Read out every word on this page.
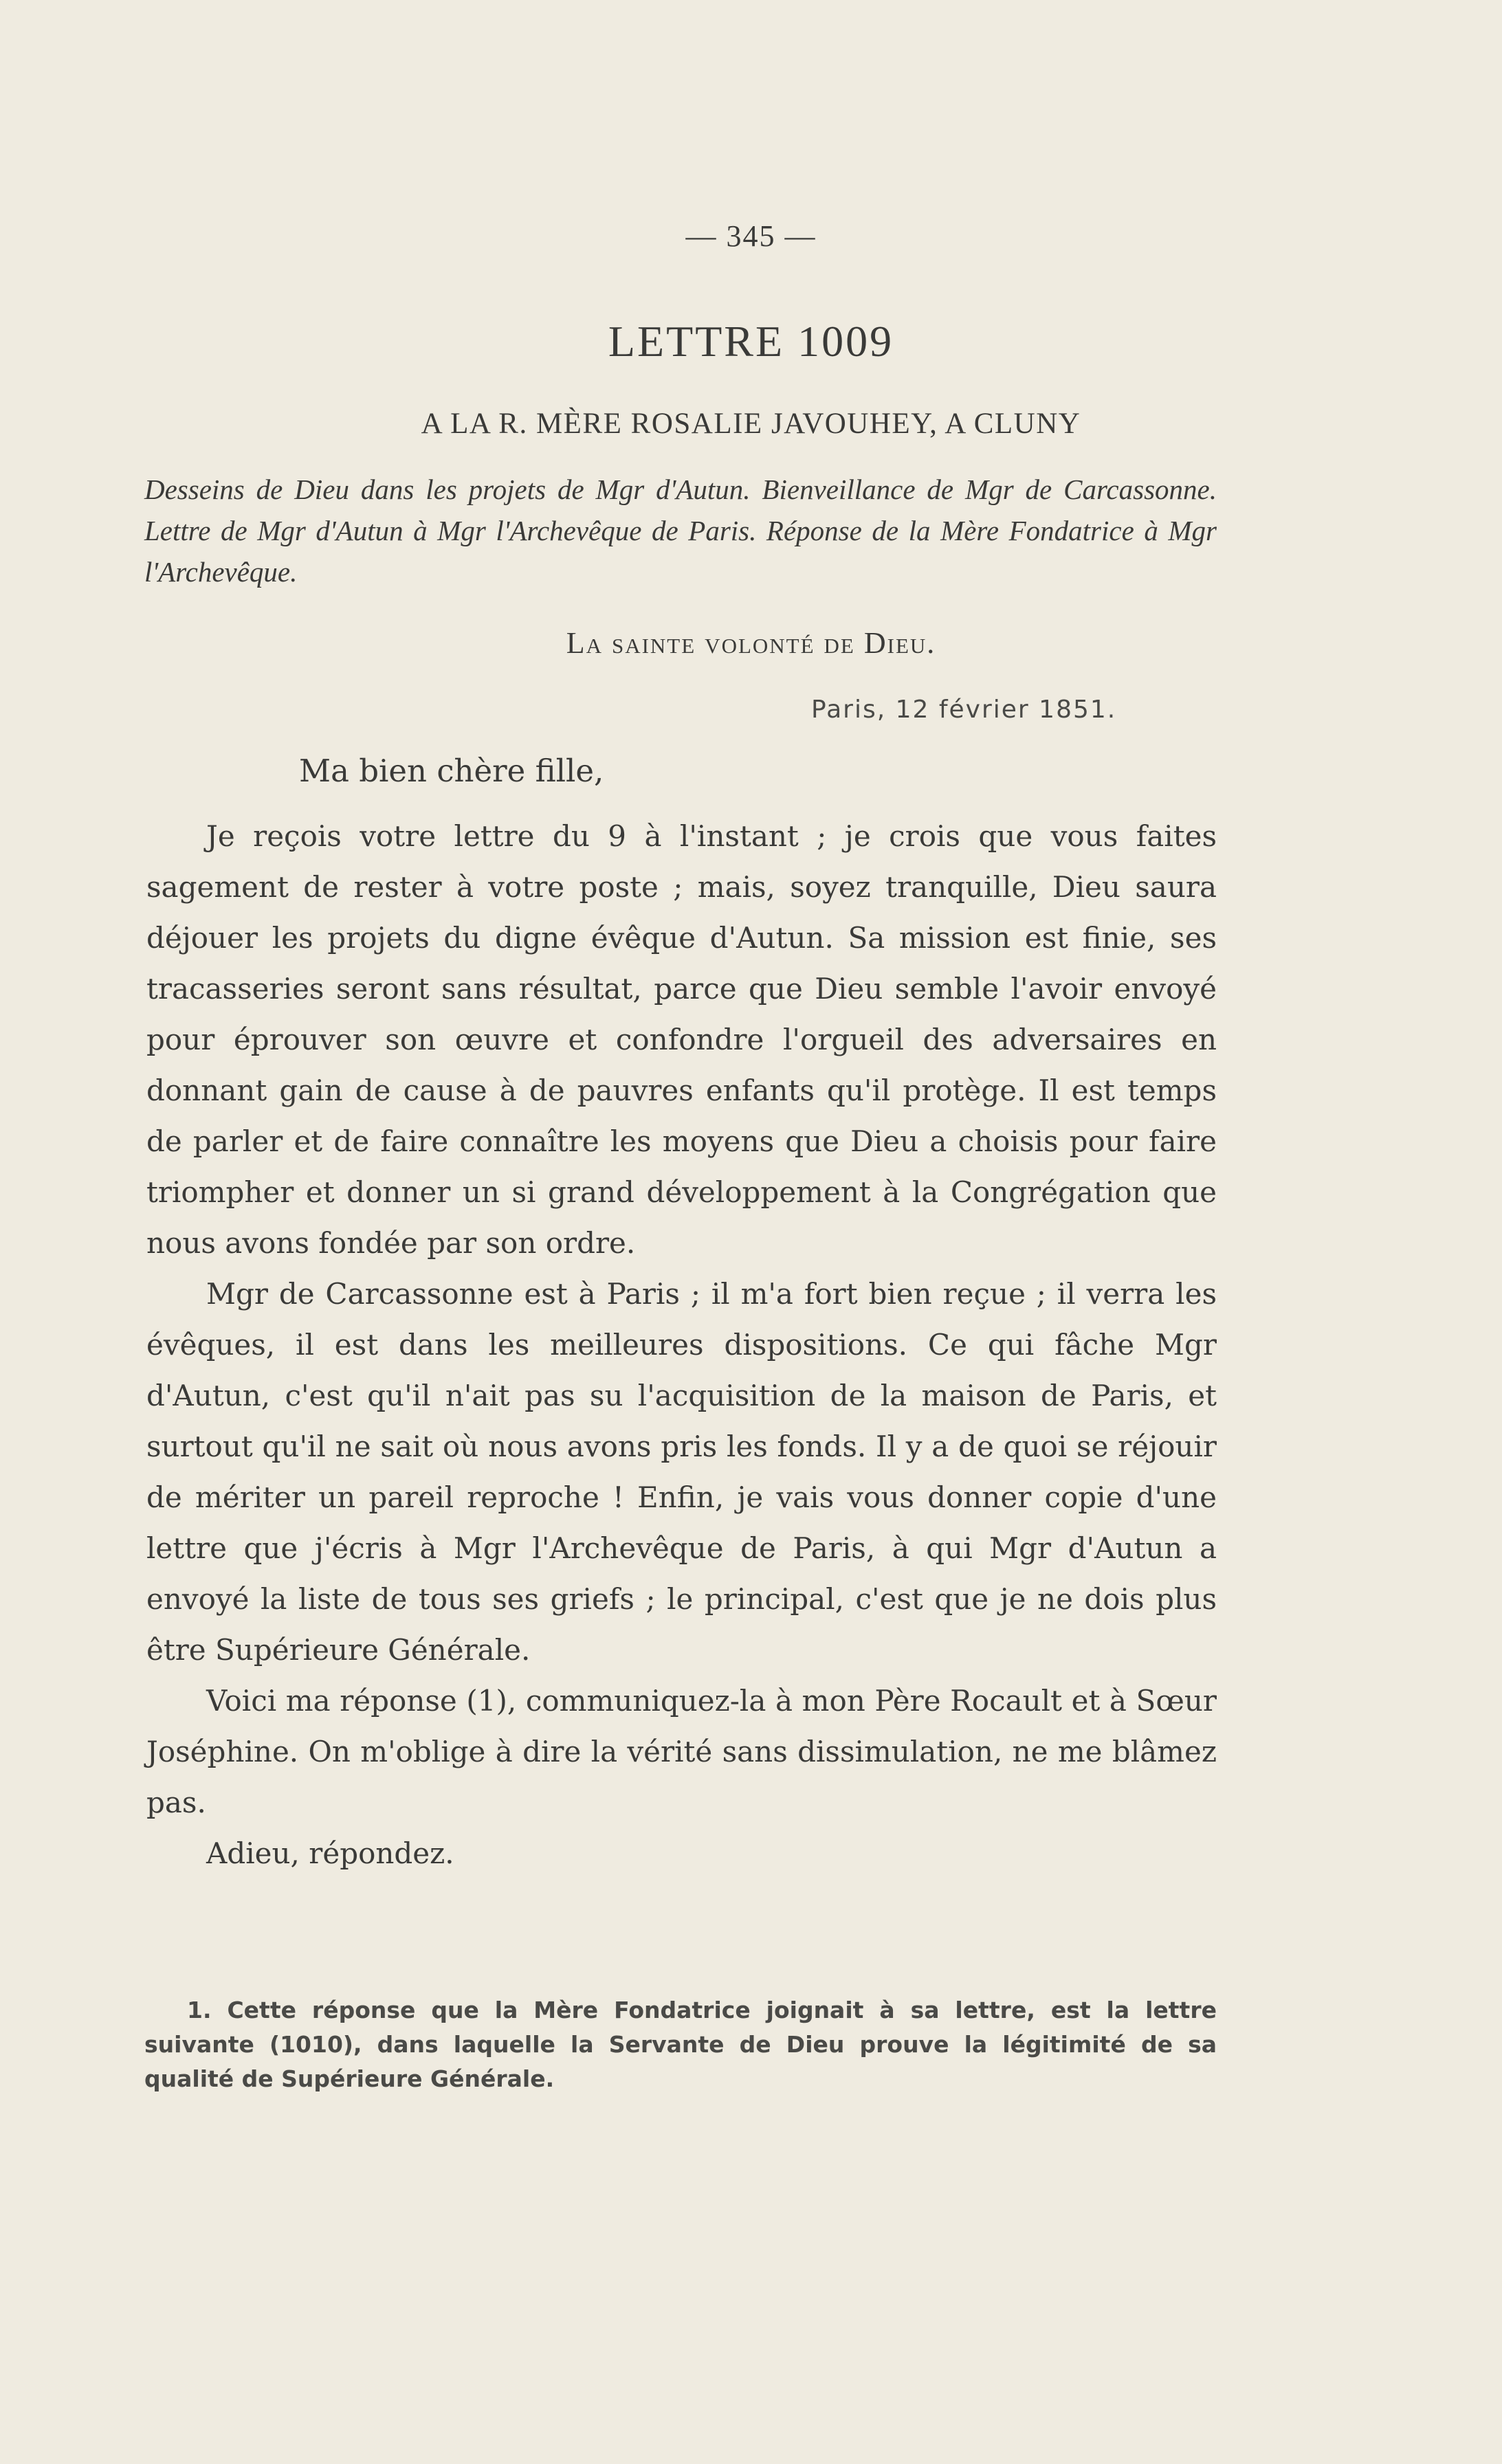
— 345 —
LETTRE 1009
A LA R. MÈRE ROSALIE JAVOUHEY, A CLUNY
Desseins de Dieu dans les projets de Mgr d'Autun. Bienveillance de Mgr de Carcassonne. Lettre de Mgr d'Autun à Mgr l'Archevêque de Paris. Réponse de la Mère Fondatrice à Mgr l'Archevêque.
La sainte volonté de Dieu.
Paris, 12 février 1851.
Ma bien chère fille,

Je reçois votre lettre du 9 à l'instant ; je crois que vous faites sagement de rester à votre poste ; mais, soyez tranquille, Dieu saura déjouer les projets du digne évêque d'Autun. Sa mission est finie, ses tracasseries seront sans résultat, parce que Dieu semble l'avoir envoyé pour éprouver son œuvre et confondre l'orgueil des adversaires en donnant gain de cause à de pauvres enfants qu'il protège. Il est temps de parler et de faire connaître les moyens que Dieu a choisis pour faire triompher et donner un si grand développement à la Congrégation que nous avons fondée par son ordre.

Mgr de Carcassonne est à Paris ; il m'a fort bien reçue ; il verra les évêques, il est dans les meilleures dispositions. Ce qui fâche Mgr d'Autun, c'est qu'il n'ait pas su l'acquisition de la maison de Paris, et surtout qu'il ne sait où nous avons pris les fonds. Il y a de quoi se réjouir de mériter un pareil reproche ! Enfin, je vais vous donner copie d'une lettre que j'écris à Mgr l'Archevêque de Paris, à qui Mgr d'Autun a envoyé la liste de tous ses griefs ; le principal, c'est que je ne dois plus être Supérieure Générale.

Voici ma réponse (1), communiquez-la à mon Père Rocault et à Sœur Joséphine. On m'oblige à dire la vérité sans dissimulation, ne me blâmez pas.

Adieu, répondez.

1. Cette réponse que la Mère Fondatrice joignait à sa lettre, est la lettre suivante (1010), dans laquelle la Servante de Dieu prouve la légitimité de sa qualité de Supérieure Générale.
